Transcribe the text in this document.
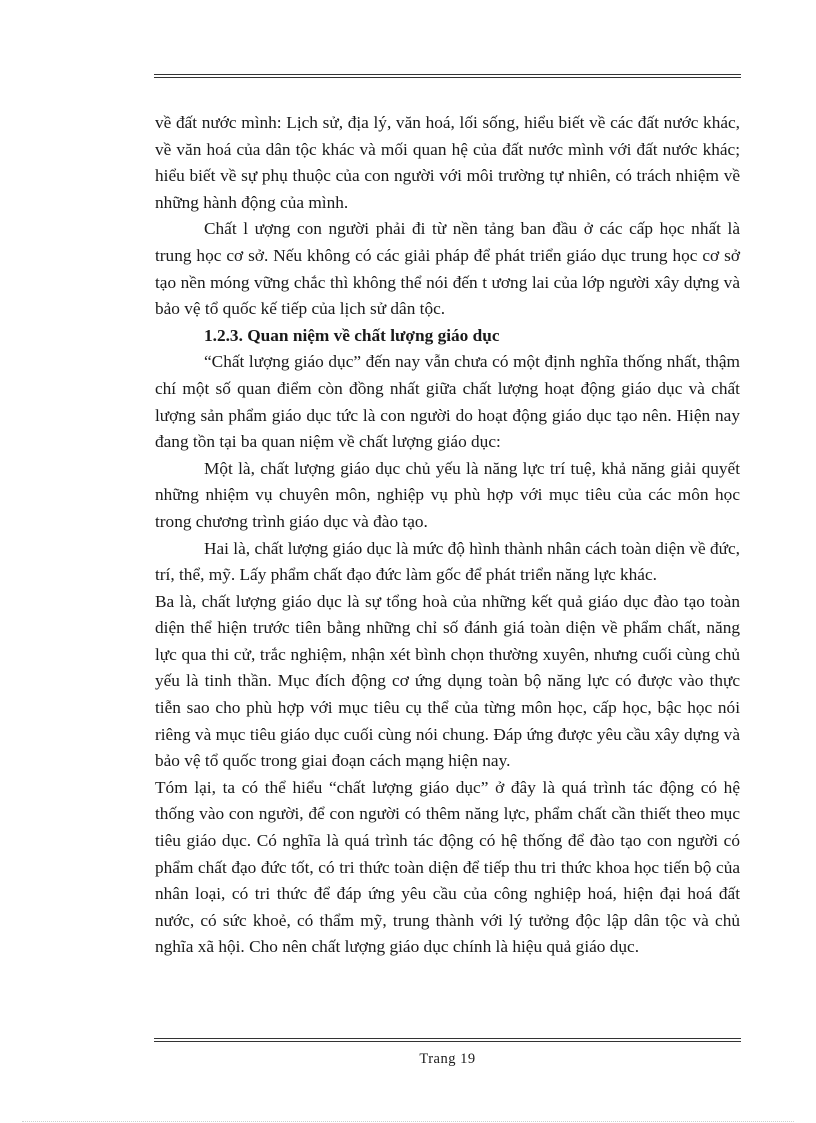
về đất nước mình: Lịch sử, địa lý, văn hoá, lối sống, hiểu biết về các đất nước khác, về văn hoá của dân tộc khác và mối quan hệ của đất nước mình với đất nước khác; hiểu biết về sự phụ thuộc của con người với môi trường tự nhiên, có trách nhiệm về những hành động của mình.

Chất l ượng con người phải đi từ nền tảng ban đầu ở các cấp học nhất là trung học cơ sở. Nếu không có các giải pháp để phát triển giáo dục trung học cơ sở tạo nền móng vững chắc thì không thể nói đến t ương lai của lớp người xây dựng và bảo vệ tổ quốc kế tiếp của lịch sử dân tộc.

1.2.3. Quan niệm về chất lượng giáo dục

“Chất lượng giáo dục” đến nay vẫn chưa có một định nghĩa thống nhất, thậm chí một số quan điểm còn đồng nhất giữa chất lượng hoạt động giáo dục và chất lượng sản phẩm giáo dục tức là con người do hoạt động giáo dục tạo nên. Hiện nay đang tồn tại ba quan niệm về chất lượng giáo dục:

Một là, chất lượng giáo dục chủ yếu là năng lực trí tuệ, khả năng giải quyết những nhiệm vụ chuyên môn, nghiệp vụ phù hợp với mục tiêu của các môn học trong chương trình giáo dục và đào tạo.

Hai là, chất lượng giáo dục là mức độ hình thành nhân cách toàn diện về đức, trí, thể, mỹ. Lấy phẩm chất đạo đức làm gốc để phát triển năng lực khác.

Ba là, chất lượng giáo dục là sự tổng hoà của những kết quả giáo dục đào tạo toàn diện thể hiện trước tiên bằng những chỉ số đánh giá toàn diện về phẩm chất, năng lực qua thi cử, trắc nghiệm, nhận xét bình chọn thường xuyên, nhưng cuối cùng chủ yếu là tinh thần. Mục đích động cơ ứng dụng toàn bộ năng lực có được vào thực tiễn sao cho phù hợp với mục tiêu cụ thể của từng môn học, cấp học, bậc học nói riêng và mục tiêu giáo dục cuối cùng nói chung. Đáp ứng được yêu cầu xây dựng và bảo vệ tổ quốc trong giai đoạn cách mạng hiện nay.

Tóm lại, ta có thể hiểu “chất lượng giáo dục” ở đây là quá trình tác động có hệ thống vào con người, để con người có thêm năng lực, phẩm chất cần thiết theo mục tiêu giáo dục. Có nghĩa là quá trình tác động có hệ thống để đào tạo con người có phẩm chất đạo đức tốt, có tri thức toàn diện để tiếp thu tri thức khoa học tiến bộ của nhân loại, có tri thức để đáp ứng yêu cầu của công nghiệp hoá, hiện đại hoá đất nước, có sức khoẻ, có thẩm mỹ, trung thành với lý tưởng độc lập dân tộc và chủ nghĩa xã hội. Cho nên chất lượng giáo dục chính là hiệu quả giáo dục.

Trang 19
